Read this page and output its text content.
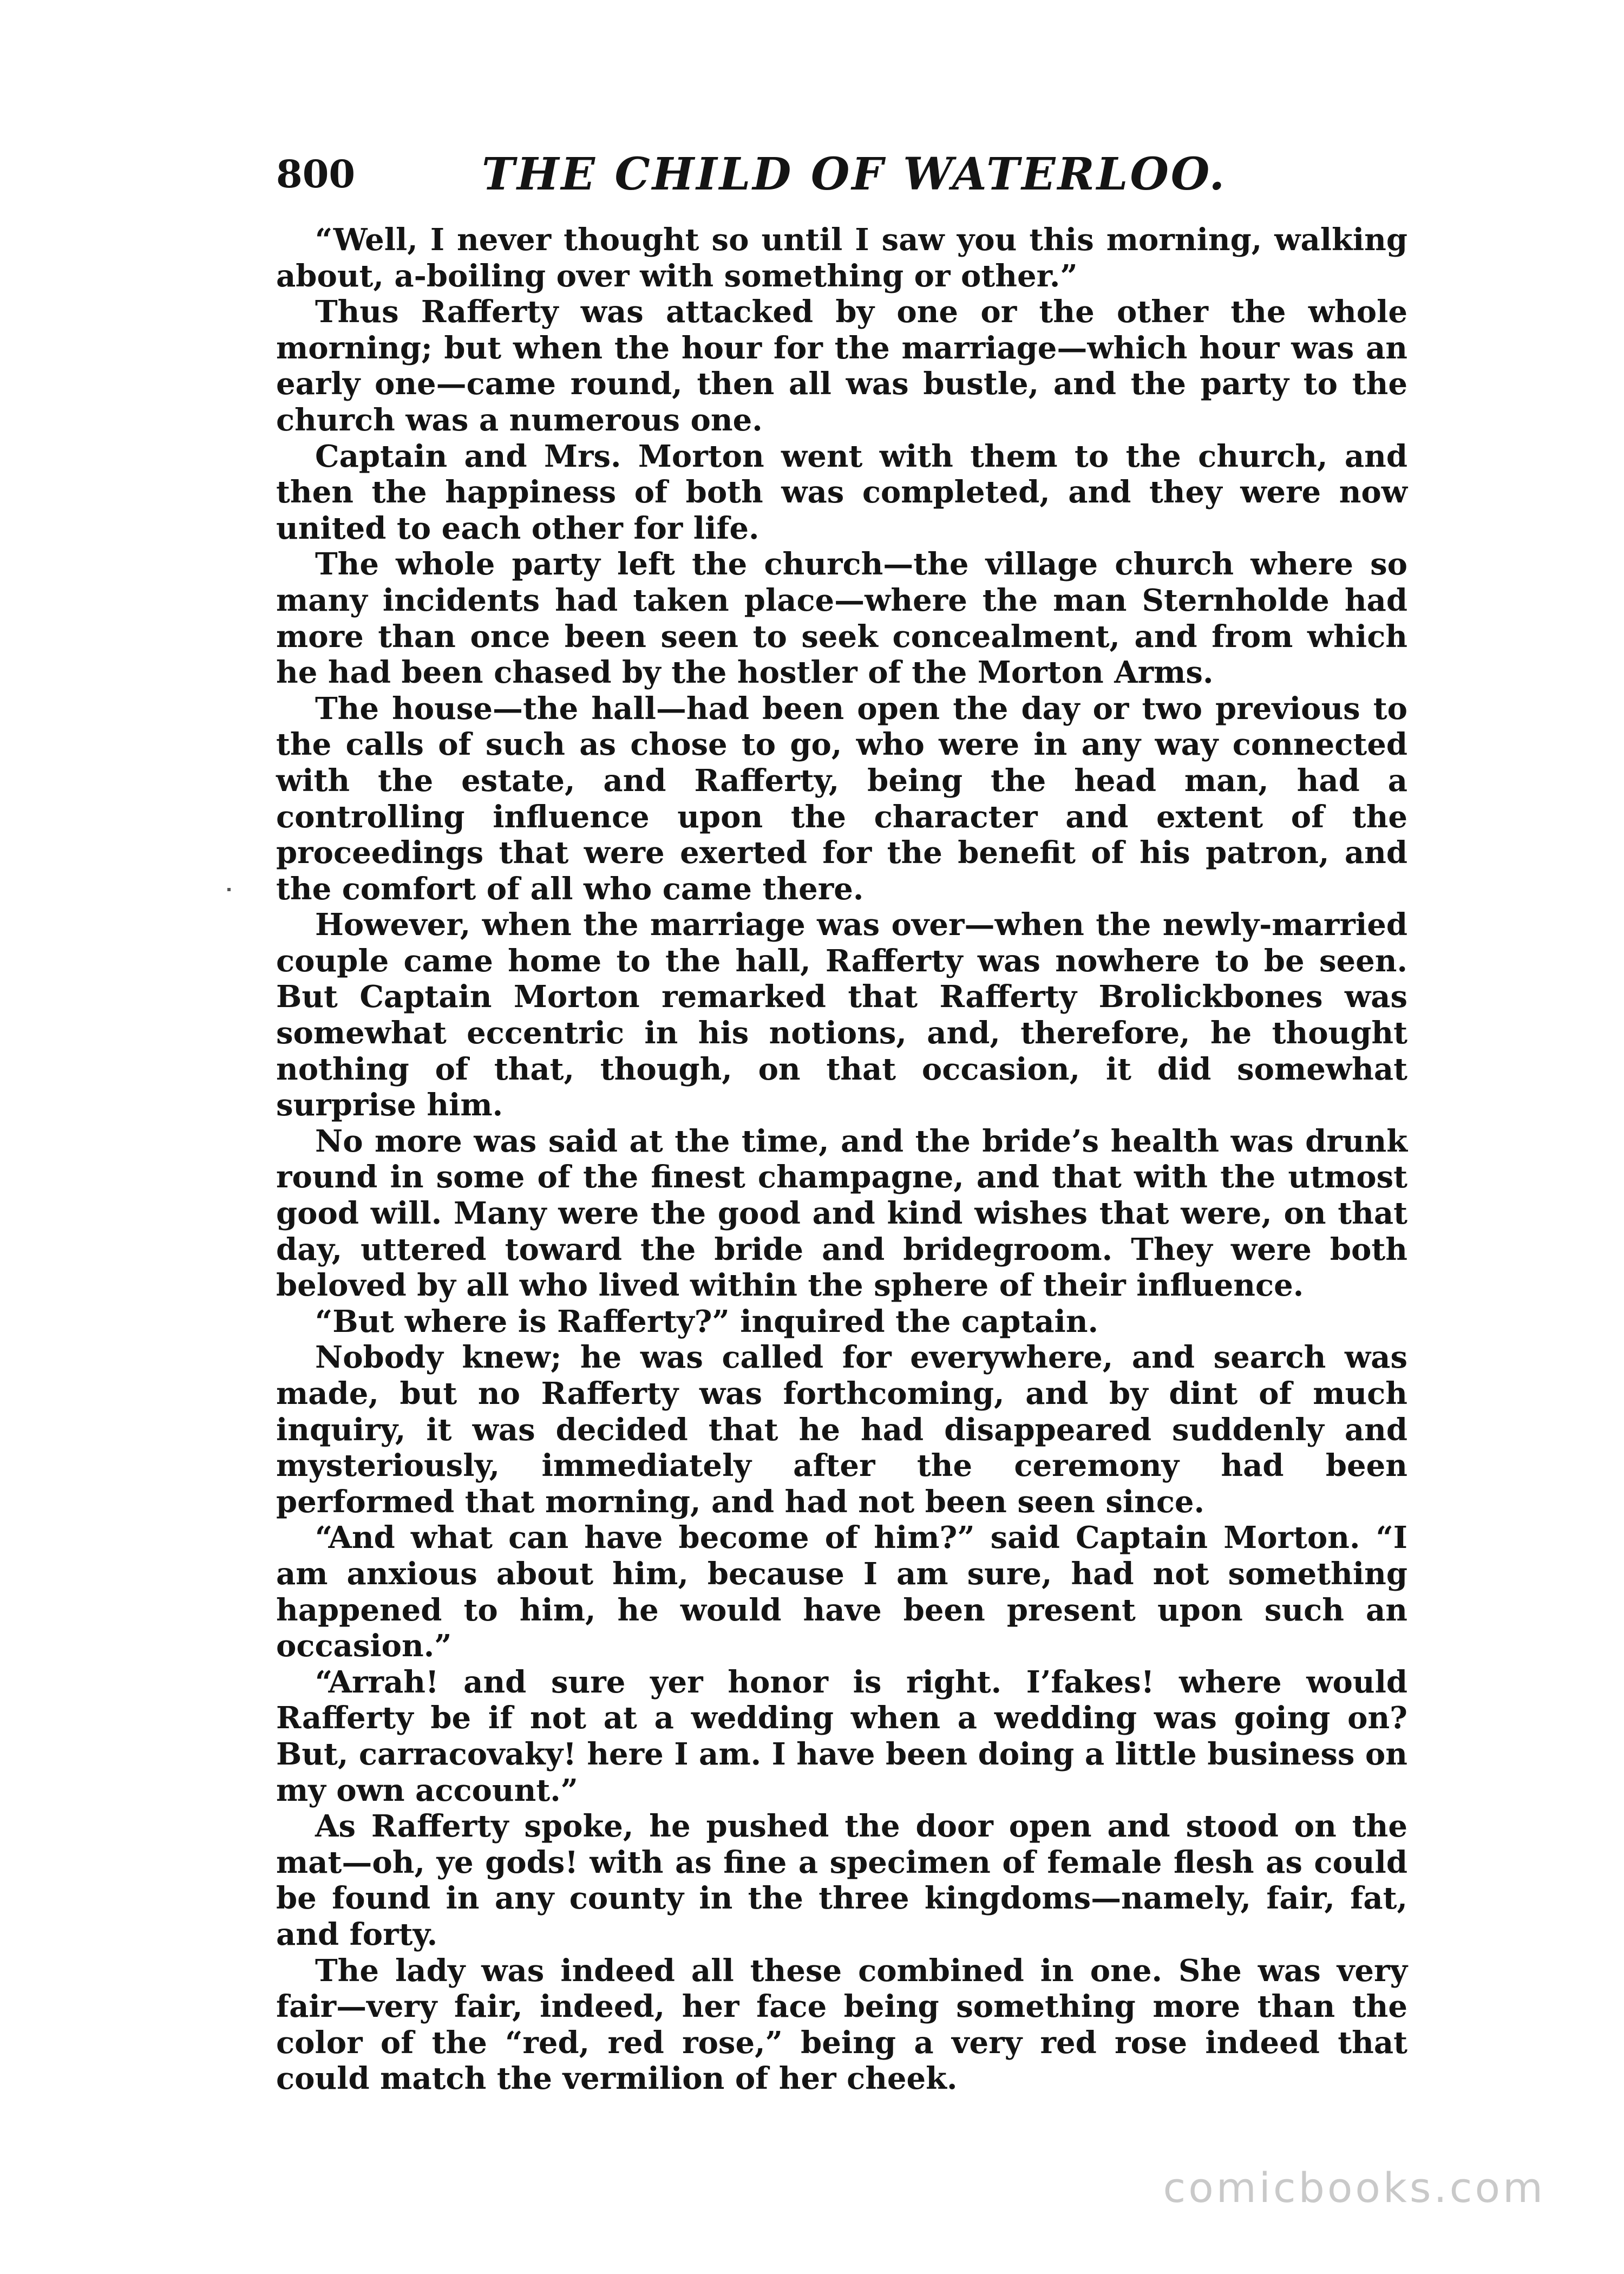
800	THE CHILD OF WATERLOO.

“Well, I never thought so until I saw you this morning, walking about, a-boiling over with something or other.”

Thus Rafferty was attacked by one or the other the whole morning; but when the hour for the marriage—which hour was an early one—came round, then all was bustle, and the party to the church was a numerous one.

Captain and Mrs. Morton went with them to the church, and then the happiness of both was completed, and they were now united to each other for life.

The whole party left the church—the village church where so many incidents had taken place—where the man Sternholde had more than once been seen to seek concealment, and from which he had been chased by the hostler of the Morton Arms.

The house—the hall—had been open the day or two previous to the calls of such as chose to go, who were in any way connected with the estate, and Rafferty, being the head man, had a controlling influence upon the character and extent of the proceedings that were exerted for the benefit of his patron, and the comfort of all who came there.

However, when the marriage was over—when the newly-married couple came home to the hall, Rafferty was nowhere to be seen. But Captain Morton remarked that Rafferty Brolickbones was somewhat eccentric in his notions, and, therefore, he thought nothing of that, though, on that occasion, it did somewhat surprise him.

No more was said at the time, and the bride’s health was drunk round in some of the finest champagne, and that with the utmost good will. Many were the good and kind wishes that were, on that day, uttered toward the bride and bridegroom. They were both beloved by all who lived within the sphere of their influence.

“But where is Rafferty?” inquired the captain.

Nobody knew; he was called for everywhere, and search was made, but no Rafferty was forthcoming, and by dint of much inquiry, it was decided that he had disappeared suddenly and mysteriously, immediately after the ceremony had been performed that morning, and had not been seen since.

“And what can have become of him?” said Captain Morton. “I am anxious about him, because I am sure, had not something happened to him, he would have been present upon such an occasion.”

“Arrah! and sure yer honor is right. I’fakes! where would Rafferty be if not at a wedding when a wedding was going on? But, carracovaky! here I am. I have been doing a little business on my own account.”

As Rafferty spoke, he pushed the door open and stood on the mat—oh, ye gods! with as fine a specimen of female flesh as could be found in any county in the three kingdoms—namely, fair, fat, and forty.

The lady was indeed all these combined in one. She was very fair—very fair, indeed, her face being something more than the color of the “red, red rose,” being a very red rose indeed that could match the vermilion of her cheek.

comicbooks.com
